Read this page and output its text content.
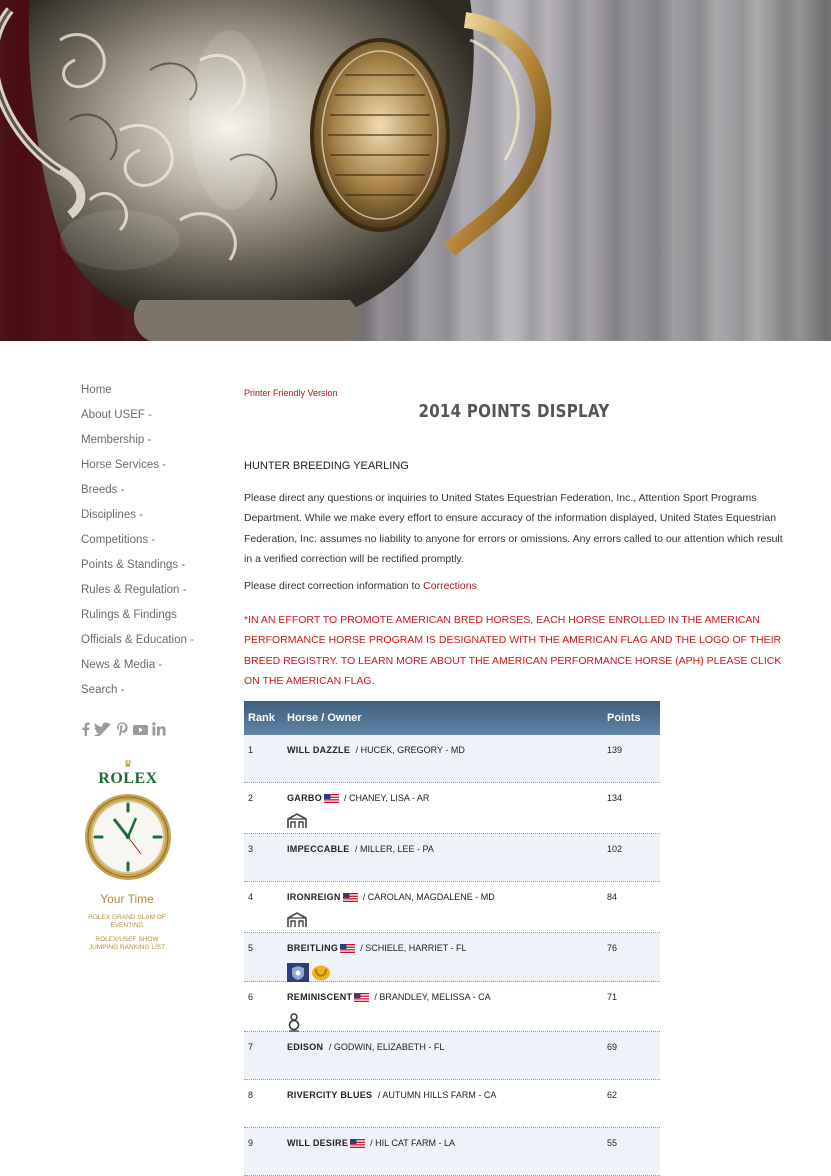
Home
About USEF -
Membership -
Horse Services -
Breeds -
Disciplines -
Competitions -
Points & Standings -
Rules & Regulation -
Rulings & Findings
Officials & Education -
News & Media -
Search -
♛
ROLEX
Your Time
ROLEX GRAND SLAM OF EVENTING
ROLEX/USEF SHOW JUMPING RANKING LIST
Printer Friendly Version
2014 POINTS DISPLAY
HUNTER BREEDING YEARLING
Please direct any questions or inquiries to United States Equestrian Federation, Inc., Attention Sport Programs Department. While we make every effort to ensure accuracy of the information displayed, United States Equestrian Federation, Inc. assumes no liability to anyone for errors or omissions. Any errors called to our attention which result in a verified correction will be rectified promptly.
Please direct correction information to Corrections
*IN AN EFFORT TO PROMOTE AMERICAN BRED HORSES, EACH HORSE ENROLLED IN THE AMERICAN PERFORMANCE HORSE PROGRAM IS DESIGNATED WITH THE AMERICAN FLAG AND THE LOGO OF THEIR BREED REGISTRY. TO LEARN MORE ABOUT THE AMERICAN PERFORMANCE HORSE (APH) PLEASE CLICK ON THE AMERICAN FLAG.
Rank Horse / Owner	Points
1	WILL DAZZLE / HUCEK, GREGORY - MD	139
2	GARBO / CHANEY, LISA - AR	134
3	IMPECCABLE / MILLER, LEE - PA	102
4	IRONREIGN / CAROLAN, MAGDALENE - MD	84
5	BREITLING / SCHIELE, HARRIET - FL	76
6	REMINISCENT / BRANDLEY, MELISSA - CA	71
7	EDISON / GODWIN, ELIZABETH - FL	69
8	RIVERCITY BLUES / AUTUMN HILLS FARM - CA	62
9	WILL DESIRE / HIL CAT FARM - LA	55
